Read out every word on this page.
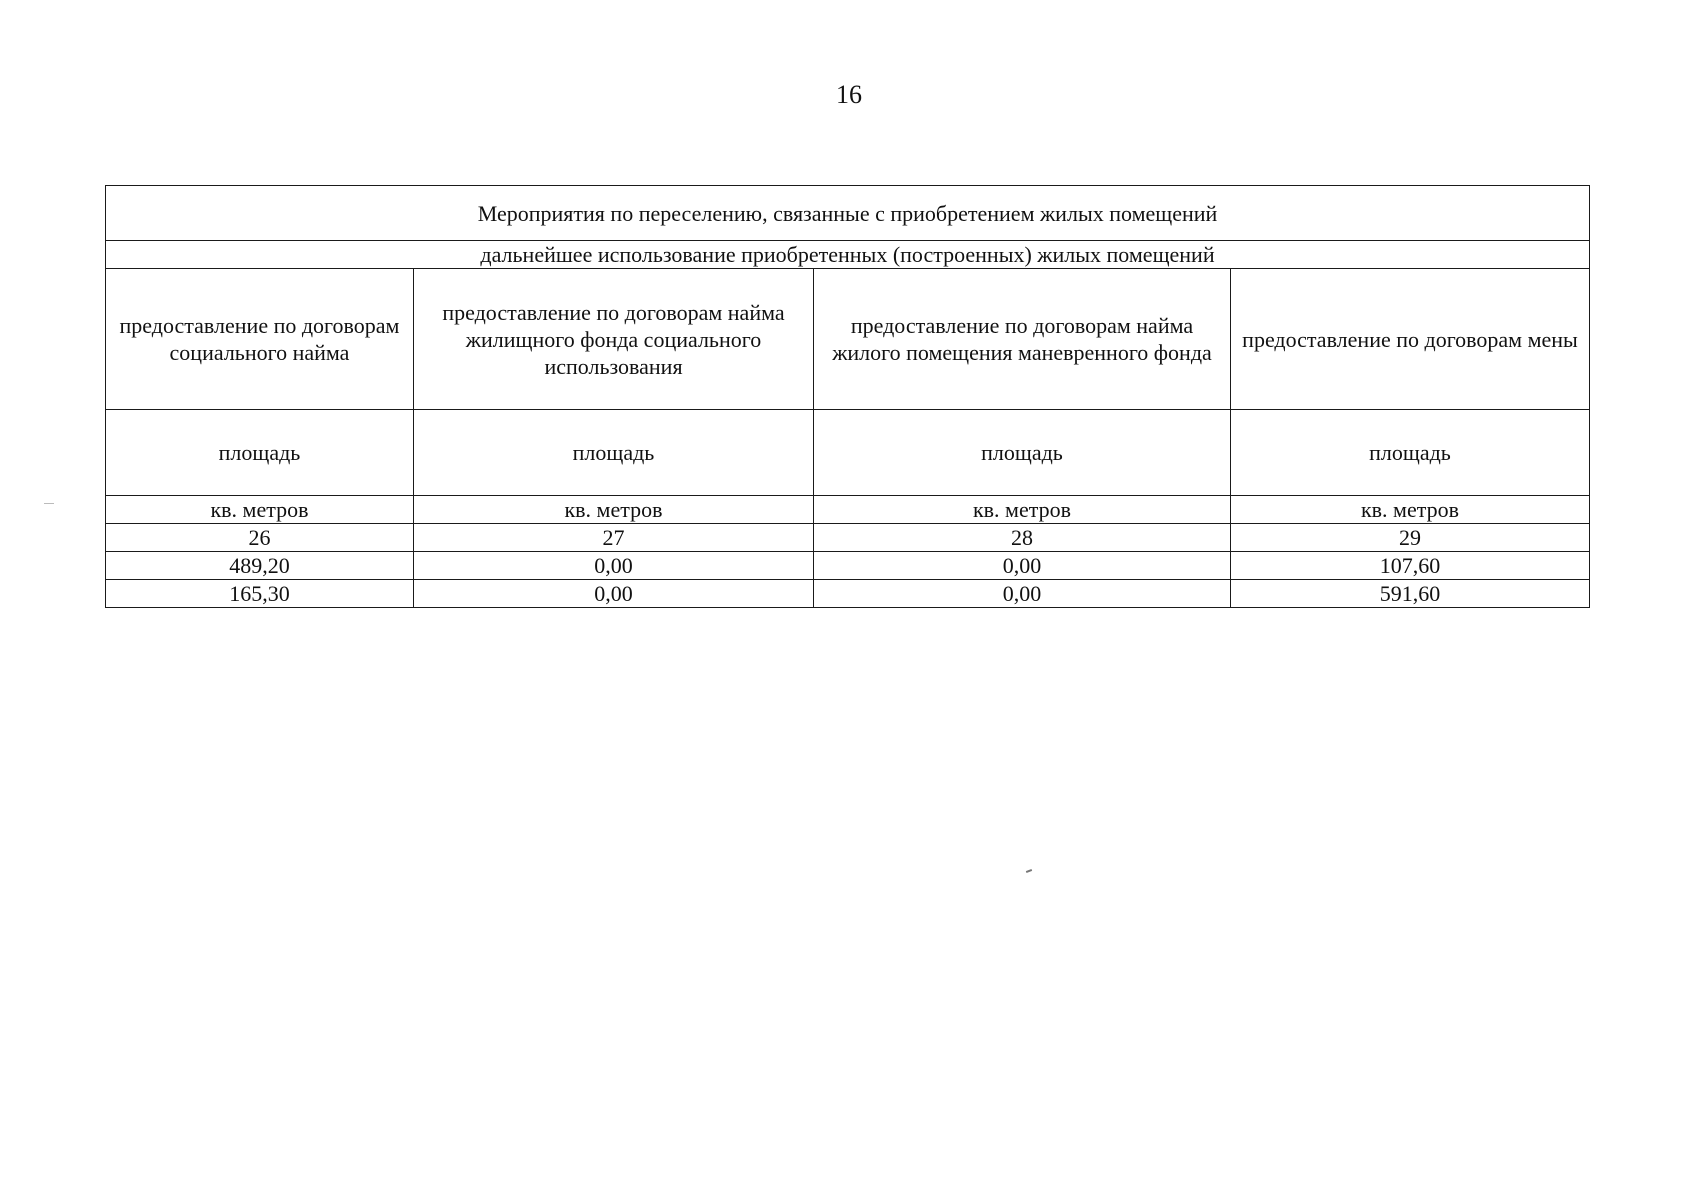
16
Мероприятия по переселению, связанные с приобретением жилых помещений			
дальнейшее использование приобретенных (построенных) жилых помещений			
предоставление по договорам социального найма	предоставление по договорам найма жилищного фонда социального использования	предоставление по договорам найма жилого помещения маневренного фонда	предоставление по договорам мены
площадь	площадь	площадь	площадь
кв. метров	кв. метров	кв. метров	кв. метров
26	27	28	29
489,20	0,00	0,00	107,60
165,30	0,00	0,00	591,60
